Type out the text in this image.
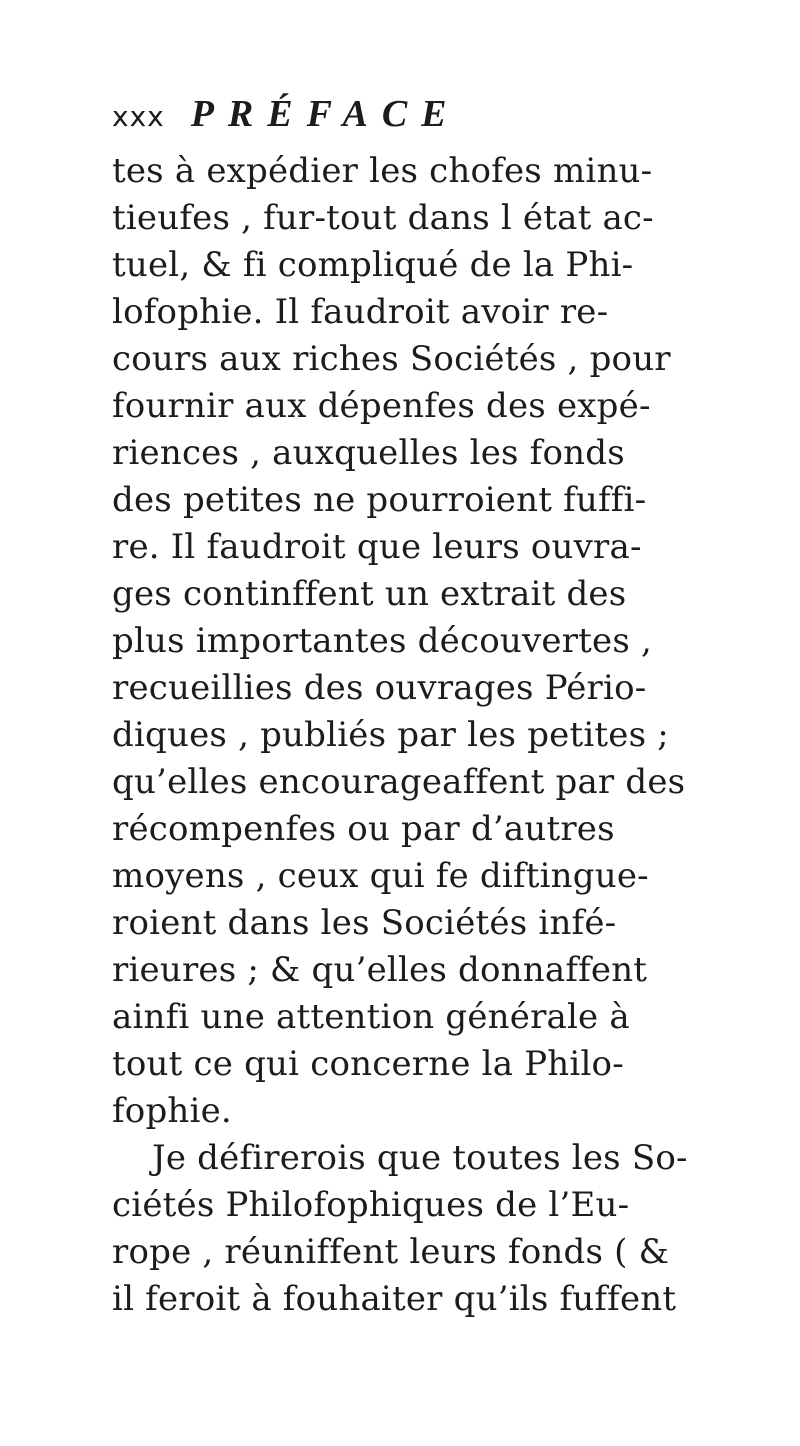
xxx PRÉFACE
tes à expédier les chofes minu-
tieufes , fur-tout dans l état ac-
tuel, & fi compliqué de la Phi-
lofophie. Il faudroit avoir re-
cours aux riches Sociétés , pour
fournir aux dépenfes des expé-
riences , auxquelles les fonds
des petites ne pourroient fuffi-
re. Il faudroit que leurs ouvra-
ges continffent un extrait des
plus importantes découvertes ,
recueillies des ouvrages Pério-
diques , publiés par les petites ;
qu’elles encourageaffent par des
récompenfes ou par d’autres
moyens , ceux qui fe diftingue-
roient dans les Sociétés infé-
rieures ; & qu’elles donnaffent
ainfi une attention générale à
tout ce qui concerne la Philo-
fophie.
Je défirerois que toutes les So-
ciétés Philofophiques de l’Eu-
rope , réuniffent leurs fonds ( &
il feroit à fouhaiter qu’ils fuffent
